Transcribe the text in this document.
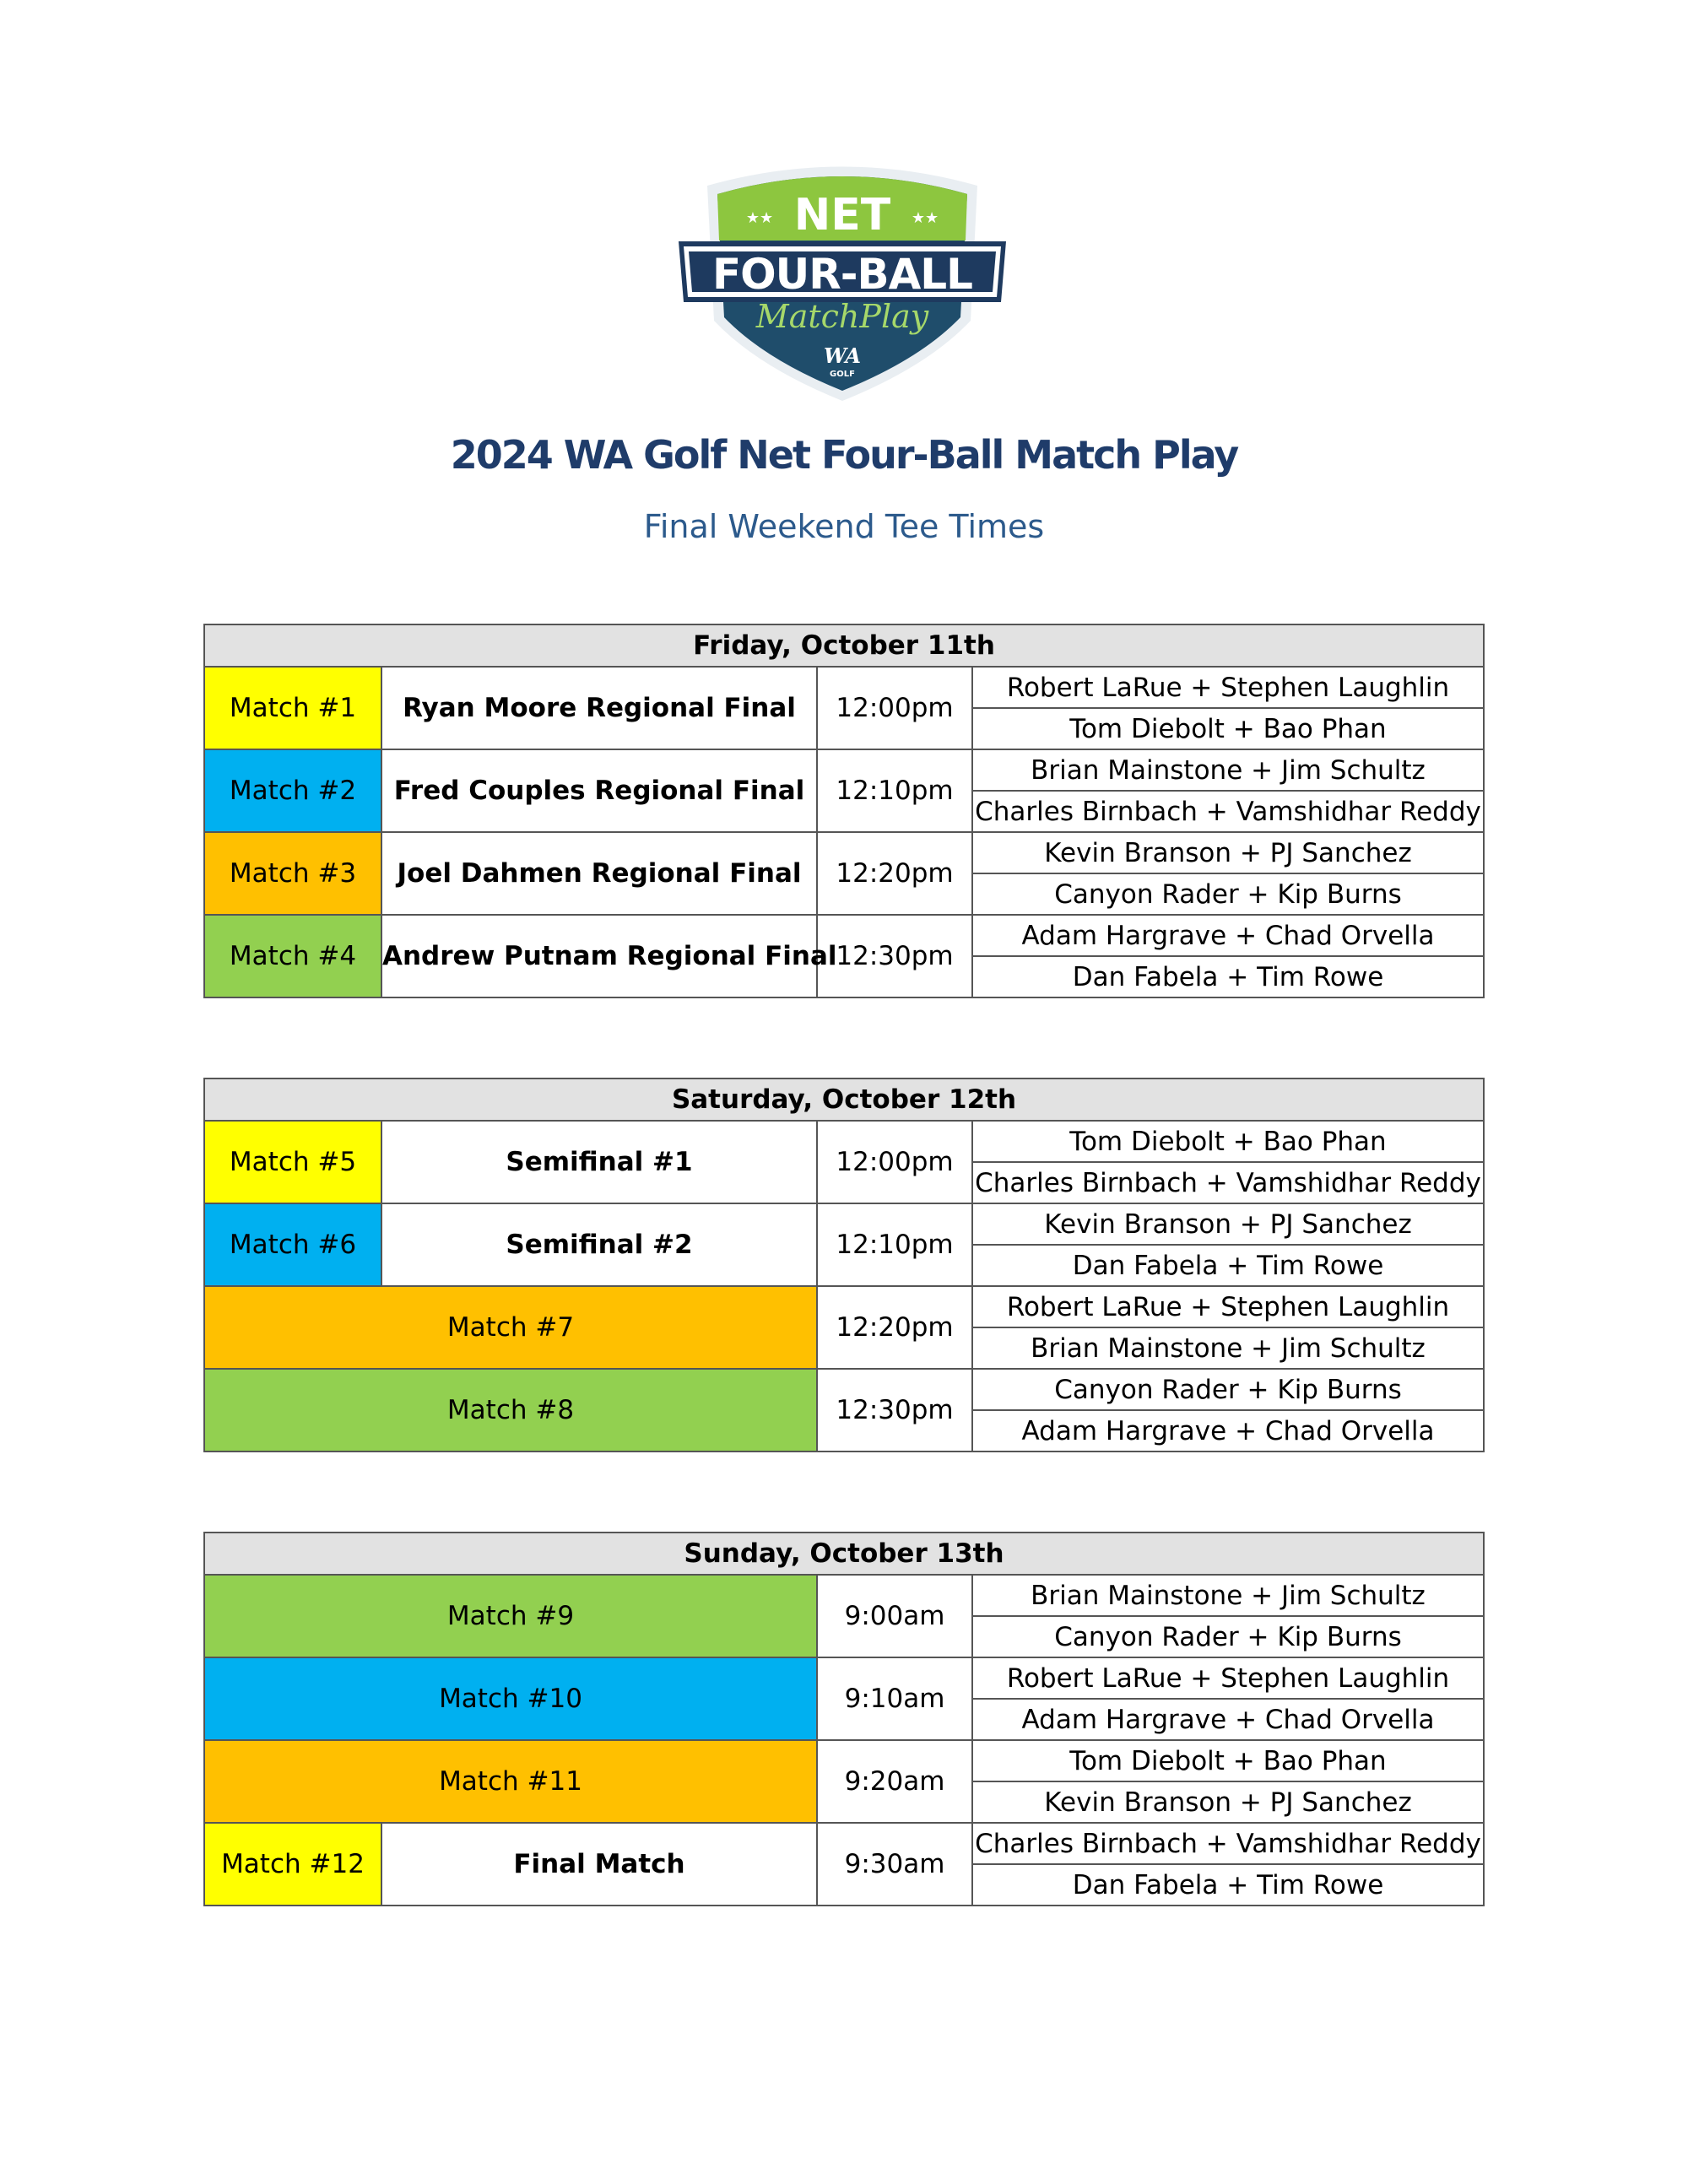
NET
★★	★★
FOUR-BALL
MatchPlay
WA
GOLF
2024 WA Golf Net Four-Ball Match Play
Final Weekend Tee Times
Friday, October 11th			
Match #1	Ryan Moore Regional Final	12:00pm	Robert LaRue + Stephen Laughlin
			Tom Diebolt + Bao Phan
Match #2	Fred Couples Regional Final	12:10pm	Brian Mainstone + Jim Schultz
			Charles Birnbach + Vamshidhar Reddy
Match #3	Joel Dahmen Regional Final	12:20pm	Kevin Branson + PJ Sanchez
			Canyon Rader + Kip Burns
Match #4	Andrew Putnam Regional Final	12:30pm	Adam Hargrave + Chad Orvella
			Dan Fabela + Tim Rowe
Saturday, October 12th			
Match #5	Semifinal #1	12:00pm	Tom Diebolt + Bao Phan
			Charles Birnbach + Vamshidhar Reddy
Match #6	Semifinal #2	12:10pm	Kevin Branson + PJ Sanchez
			Dan Fabela + Tim Rowe
Match #7		12:20pm	Robert LaRue + Stephen Laughlin
			Brian Mainstone + Jim Schultz
Match #8		12:30pm	Canyon Rader + Kip Burns
			Adam Hargrave + Chad Orvella
Sunday, October 13th			
Match #9		9:00am	Brian Mainstone + Jim Schultz
			Canyon Rader + Kip Burns
Match #10		9:10am	Robert LaRue + Stephen Laughlin
			Adam Hargrave + Chad Orvella
Match #11		9:20am	Tom Diebolt + Bao Phan
			Kevin Branson + PJ Sanchez
Match #12	Final Match	9:30am	Charles Birnbach + Vamshidhar Reddy
			Dan Fabela + Tim Rowe
